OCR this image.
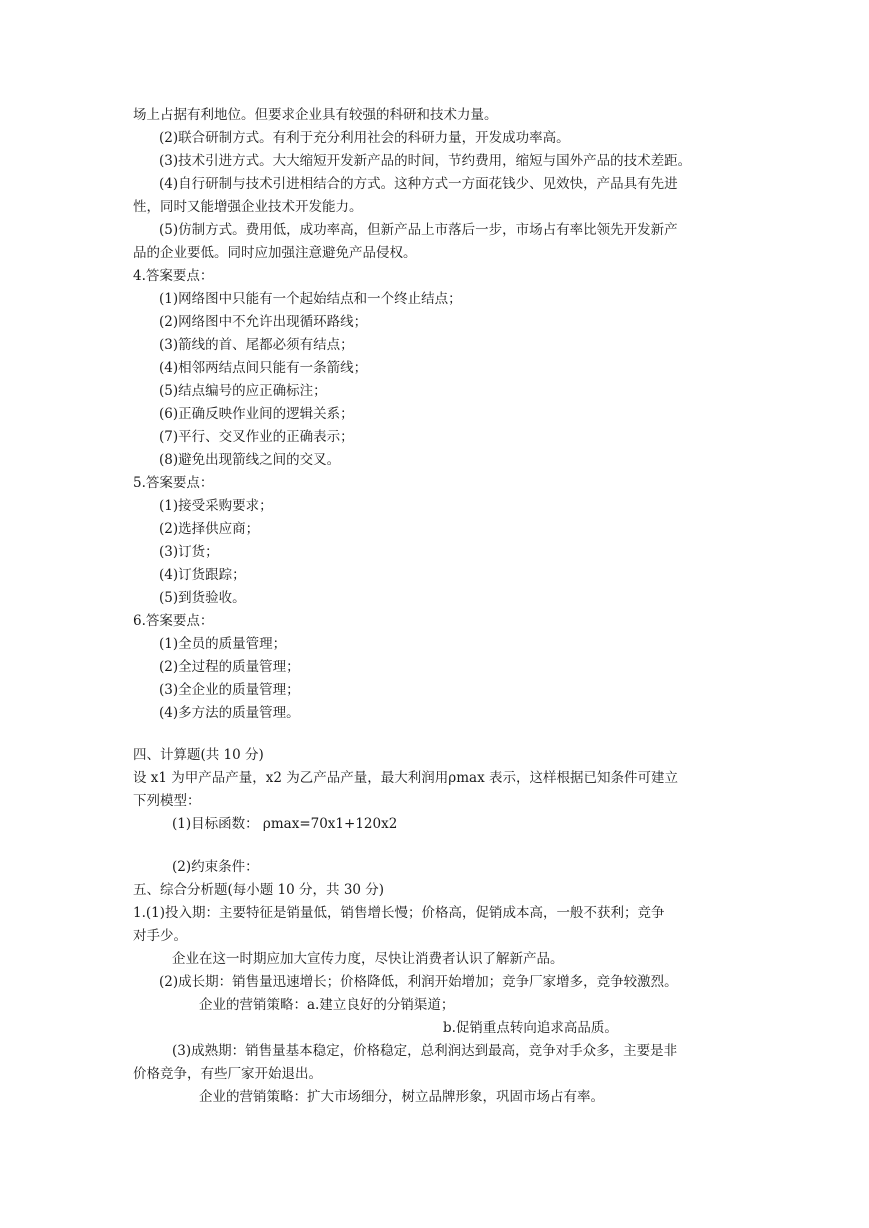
场上占据有利地位。但要求企业具有较强的科研和技术力量。
(2)联合研制方式。有利于充分利用社会的科研力量，开发成功率高。
(3)技术引进方式。大大缩短开发新产品的时间，节约费用，缩短与国外产品的技术差距。
(4)自行研制与技术引进相结合的方式。这种方式一方面花钱少、见效快，产品具有先进
性，同时又能增强企业技术开发能力。
(5)仿制方式。费用低，成功率高，但新产品上市落后一步，市场占有率比领先开发新产
品的企业要低。同时应加强注意避免产品侵权。
4.答案要点：
(1)网络图中只能有一个起始结点和一个终止结点；
(2)网络图中不允许出现循环路线；
(3)箭线的首、尾都必须有结点；
(4)相邻两结点间只能有一条箭线；
(5)结点编号的应正确标注；
(6)正确反映作业间的逻辑关系；
(7)平行、交叉作业的正确表示；
(8)避免出现箭线之间的交叉。
5.答案要点：
(1)接受采购要求；
(2)选择供应商；
(3)订货；
(4)订货跟踪；
(5)到货验收。
6.答案要点：
(1)全员的质量管理；
(2)全过程的质量管理；
(3)全企业的质量管理；
(4)多方法的质量管理。
四、计算题(共 10 分)
设 x1 为甲产品产量，x2 为乙产品产量，最大利润用ρmax 表示，这样根据已知条件可建立
下列模型：
(1)目标函数： ρmax=70x1+120x2
(2)约束条件：
五、综合分析题(每小题 10 分，共 30 分)
1.(1)投入期：主要特征是销量低，销售增长慢；价格高，促销成本高，一般不获利；竞争
对手少。
企业在这一时期应加大宣传力度，尽快让消费者认识了解新产品。
(2)成长期：销售量迅速增长；价格降低，利润开始增加；竞争厂家增多，竞争较激烈。
企业的营销策略：a.建立良好的分销渠道；
b.促销重点转向追求高品质。
(3)成熟期：销售量基本稳定，价格稳定，总利润达到最高，竞争对手众多，主要是非
价格竞争，有些厂家开始退出。
企业的营销策略：扩大市场细分，树立品牌形象，巩固市场占有率。
